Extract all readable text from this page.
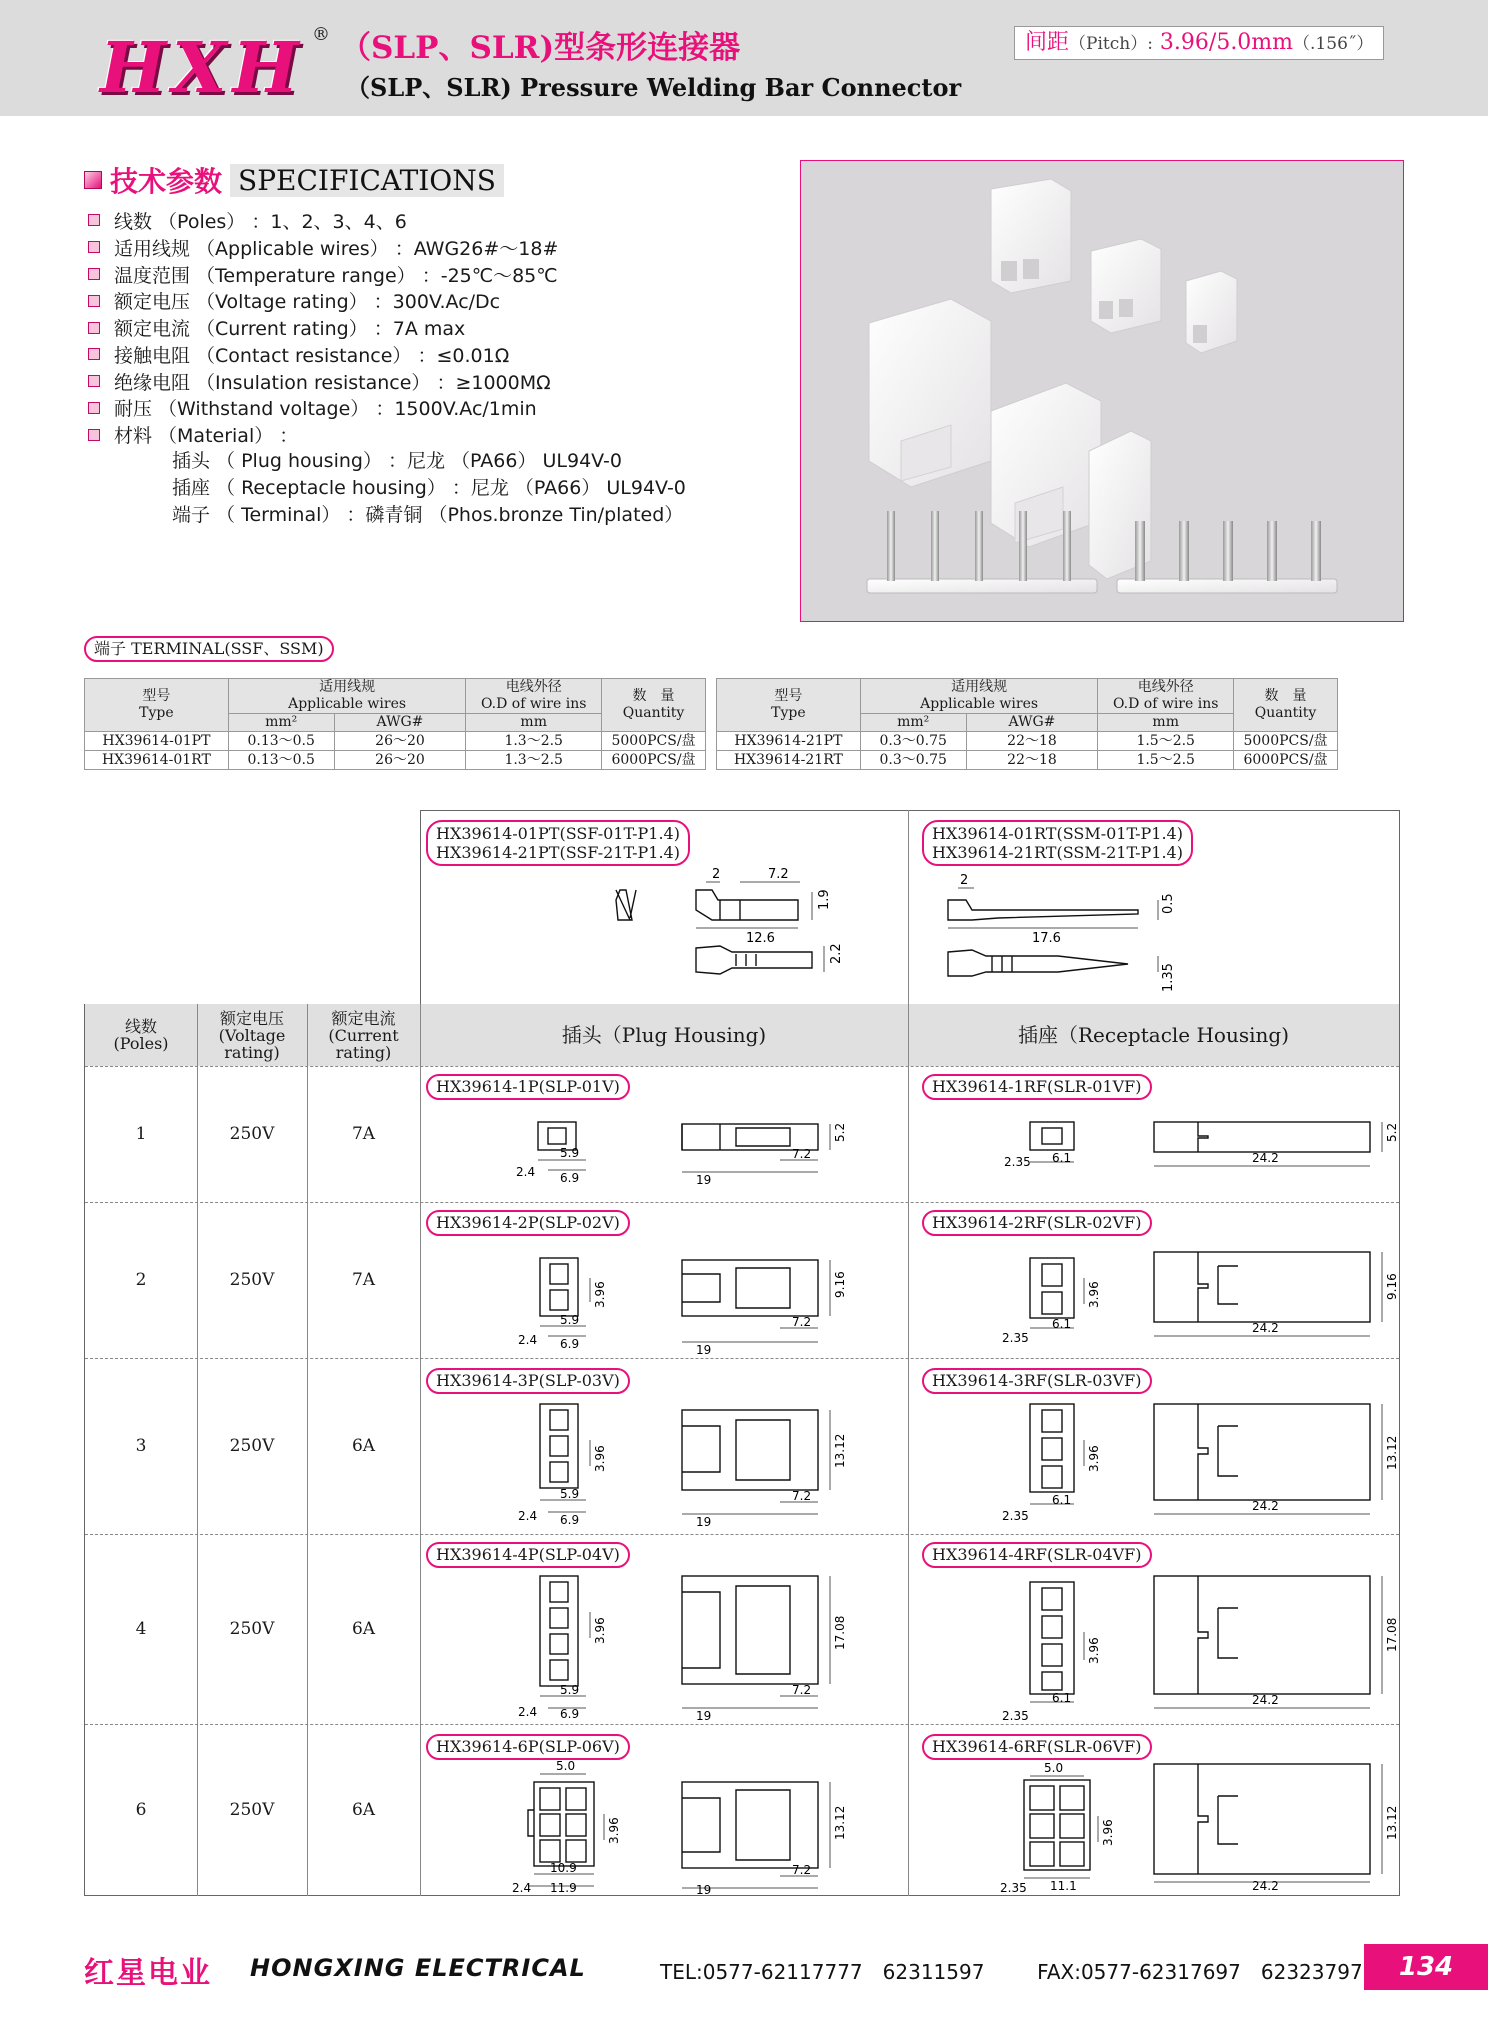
HXH ® （SLP、SLR)型条形连接器
（SLP、SLR) Pressure Welding Bar Connector
间距（Pitch）: 3.96/5.0mm（.156˝）
技术参数 SPECIFICATIONS
线数 （Poles） ：1、2、3、4、6
适用线规 （Applicable wires） ：AWG26#～18#
温度范围 （Temperature range） ：-25℃～85℃
额定电压 （Voltage rating） ：300V.Ac/Dc
额定电流 （Current rating） ：7A max
接触电阻 （Contact resistance） ：≤0.01Ω
绝缘电阻 （Insulation resistance） ：≥1000MΩ
耐压 （Withstand voltage） ：1500V.Ac/1min
材料 （Material） ：
插头 （ Plug housing） ：尼龙 （PA66） UL94V-0
插座 （ Receptacle housing） ：尼龙 （PA66） UL94V-0
端子 （ Terminal） ：磷青铜 （Phos.bronze Tin/plated）
端子 TERMINAL(SSF、SSM)
型号
Type	适用线规
Applicable wires		电线外径
O.D of wire ins	数　量
Quantity
	mm²	AWG#	mm	
HX39614-01PT	0.13～0.5	26～20	1.3～2.5	5000PCS/盘
HX39614-01RT	0.13～0.5	26～20	1.3～2.5	6000PCS/盘
型号
Type	适用线规
Applicable wires		电线外径
O.D of wire ins	数　量
Quantity
	mm²	AWG#	mm	
HX39614-21PT	0.3～0.75	22～18	1.5～2.5	5000PCS/盘
HX39614-21RT	0.3～0.75	22～18	1.5～2.5	6000PCS/盘
HX39614-01PT(SSF-01T-P1.4)
HX39614-21PT(SSF-21T-P1.4)
HX39614-01RT(SSM-01T-P1.4)
HX39614-21RT(SSM-21T-P1.4)
2	7.2
12.6
1.9
2.2
2
0.5
17.6
1.35
线数
(Poles)
额定电压
(Voltage
rating)
额定电流
(Current
rating)
插头（Plug Housing)	插座（Receptacle Housing)
1	250V	7A
2	250V	7A
3	250V	6A
4	250V	6A
6	250V	6A
HX39614-1P(SLP-01V)	HX39614-1RF(SLR-01VF)
HX39614-2P(SLP-02V)	HX39614-2RF(SLR-02VF)
HX39614-3P(SLP-03V)	HX39614-3RF(SLR-03VF)
HX39614-4P(SLP-04V)	HX39614-4RF(SLR-04VF)
HX39614-6P(SLP-06V)	HX39614-6RF(SLR-06VF)
2.4
5.9
6.9	19
7.2
5.2
2.35 6.1	24.2
5.2
2.4
5.9
6.9
3.96
19
7.2
9.16
2.35
6.1
3.96
24.2
9.16
2.4
5.9
6.9
3.96
19
7.2
13.12
2.35
6.1
3.96
24.2
13.12
2.4
5.9
6.9
3.96
19
7.2
17.08
2.35
6.1
3.96
24.2
17.08
5.0
2.4
10.9
11.9
3.96
19
7.2
13.12
5.0
2.35 11.1
3.96
24.2
13.12
红星电业 HONGXING ELECTRICAL	TEL:0577-62117777　62311597	FAX:0577-62317697　62323797	134
